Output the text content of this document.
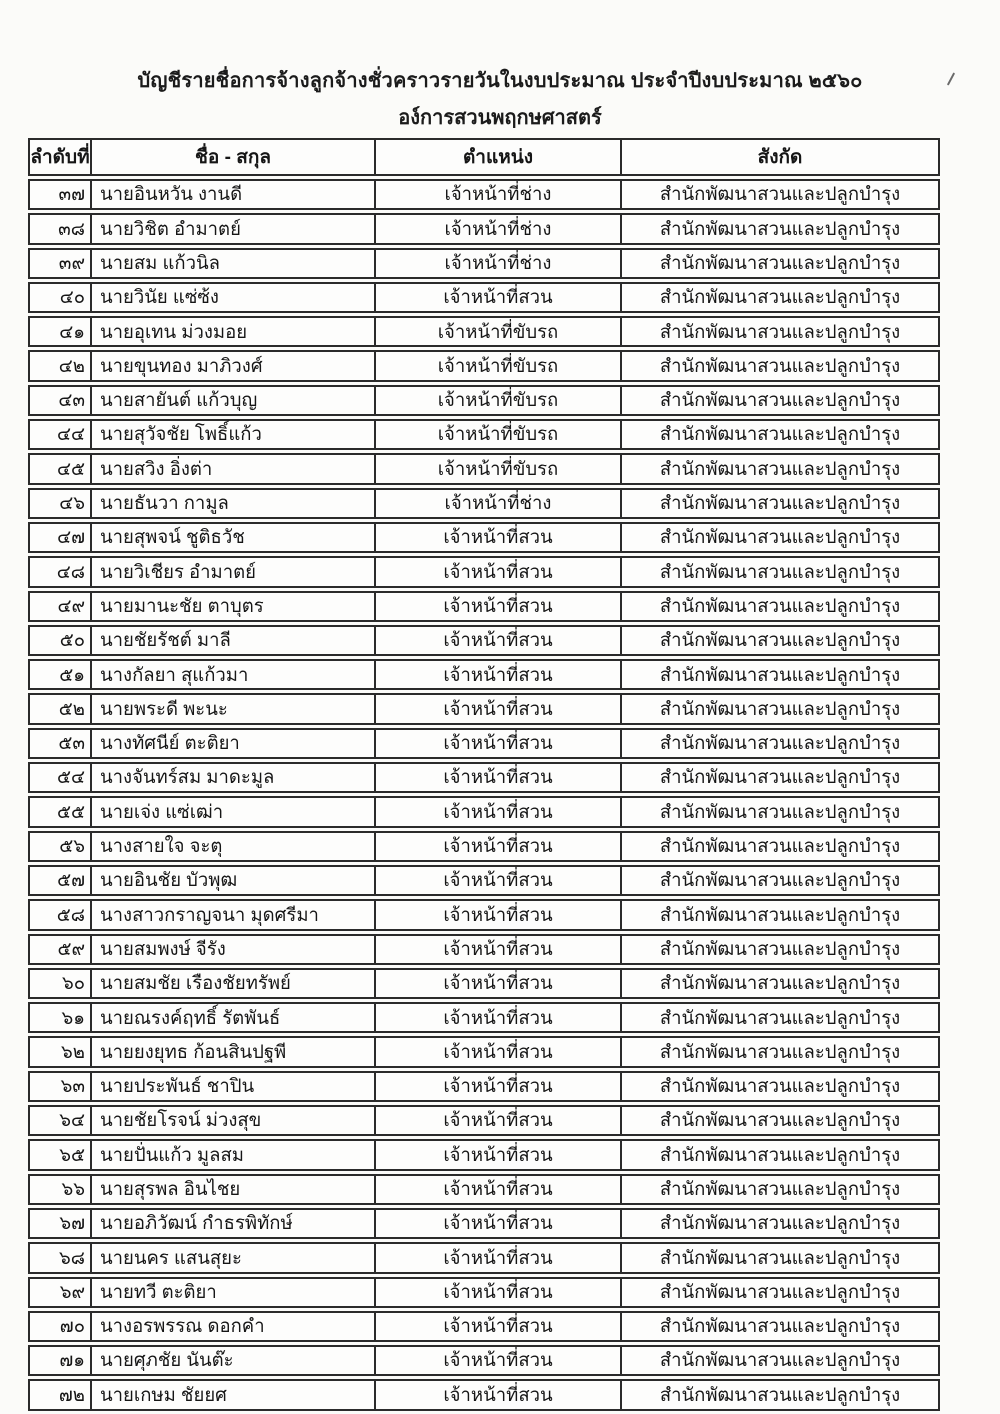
บัญชีรายชื่อการจ้างลูกจ้างชั่วคราวรายวันในงบประมาณ ประจำปีงบประมาณ ๒๕๖๐
อง์การสวนพฤกษศาสตร์
ลำดับที่	ชื่อ - สกุล	ตำแหน่ง	สังกัด
๓๗ นายอินหวัน งานดี	เจ้าหน้าที่ช่าง	สำนักพัฒนาสวนและปลูกบำรุง
๓๘ นายวิชิต อำมาตย์	เจ้าหน้าที่ช่าง	สำนักพัฒนาสวนและปลูกบำรุง
๓๙ นายสม แก้วนิล	เจ้าหน้าที่ช่าง	สำนักพัฒนาสวนและปลูกบำรุง
๔๐ นายวินัย แซ่ซ้ง	เจ้าหน้าที่สวน	สำนักพัฒนาสวนและปลูกบำรุง
๔๑ นายอุเทน ม่วงมอย	เจ้าหน้าที่ขับรถ	สำนักพัฒนาสวนและปลูกบำรุง
๔๒ นายขุนทอง มาภิวงศ์	เจ้าหน้าที่ขับรถ	สำนักพัฒนาสวนและปลูกบำรุง
๔๓ นายสายันต์ แก้วบุญ	เจ้าหน้าที่ขับรถ	สำนักพัฒนาสวนและปลูกบำรุง
๔๔ นายสุวัจชัย โพธิ์แก้ว	เจ้าหน้าที่ขับรถ	สำนักพัฒนาสวนและปลูกบำรุง
๔๕ นายสวิง อิ่งต่า	เจ้าหน้าที่ขับรถ	สำนักพัฒนาสวนและปลูกบำรุง
๔๖ นายธันวา กามูล	เจ้าหน้าที่ช่าง	สำนักพัฒนาสวนและปลูกบำรุง
๔๗ นายสุพจน์ ชูติธวัช	เจ้าหน้าที่สวน	สำนักพัฒนาสวนและปลูกบำรุง
๔๘ นายวิเชียร อำมาตย์	เจ้าหน้าที่สวน	สำนักพัฒนาสวนและปลูกบำรุง
๔๙ นายมานะชัย ตาบุตร	เจ้าหน้าที่สวน	สำนักพัฒนาสวนและปลูกบำรุง
๕๐ นายชัยรัชต์ มาลี	เจ้าหน้าที่สวน	สำนักพัฒนาสวนและปลูกบำรุง
๕๑ นางกัลยา สุแก้วมา	เจ้าหน้าที่สวน	สำนักพัฒนาสวนและปลูกบำรุง
๕๒ นายพระดี พะนะ	เจ้าหน้าที่สวน	สำนักพัฒนาสวนและปลูกบำรุง
๕๓ นางทัศนีย์ ตะติยา	เจ้าหน้าที่สวน	สำนักพัฒนาสวนและปลูกบำรุง
๕๔ นางจันทร์สม มาดะมูล	เจ้าหน้าที่สวน	สำนักพัฒนาสวนและปลูกบำรุง
๕๕ นายเจ่ง แซ่เฒ่า	เจ้าหน้าที่สวน	สำนักพัฒนาสวนและปลูกบำรุง
๕๖ นางสายใจ จะตุ	เจ้าหน้าที่สวน	สำนักพัฒนาสวนและปลูกบำรุง
๕๗ นายอินชัย บัวพุฒ	เจ้าหน้าที่สวน	สำนักพัฒนาสวนและปลูกบำรุง
๕๘ นางสาวกราญจนา มุดศรีมา	เจ้าหน้าที่สวน	สำนักพัฒนาสวนและปลูกบำรุง
๕๙ นายสมพงษ์ จีรัง	เจ้าหน้าที่สวน	สำนักพัฒนาสวนและปลูกบำรุง
๖๐ นายสมชัย เรืองชัยทรัพย์	เจ้าหน้าที่สวน	สำนักพัฒนาสวนและปลูกบำรุง
๖๑ นายณรงค์ฤทธิ์ รัตพันธ์	เจ้าหน้าที่สวน	สำนักพัฒนาสวนและปลูกบำรุง
๖๒ นายยงยุทธ ก้อนสินปฐพี	เจ้าหน้าที่สวน	สำนักพัฒนาสวนและปลูกบำรุง
๖๓ นายประพันธ์ ชาปิน	เจ้าหน้าที่สวน	สำนักพัฒนาสวนและปลูกบำรุง
๖๔ นายชัยโรจน์ ม่วงสุข	เจ้าหน้าที่สวน	สำนักพัฒนาสวนและปลูกบำรุง
๖๕ นายปั่นแก้ว มูลสม	เจ้าหน้าที่สวน	สำนักพัฒนาสวนและปลูกบำรุง
๖๖ นายสุรพล อินไชย	เจ้าหน้าที่สวน	สำนักพัฒนาสวนและปลูกบำรุง
๖๗ นายอภิวัฒน์ กำธรพิทักษ์	เจ้าหน้าที่สวน	สำนักพัฒนาสวนและปลูกบำรุง
๖๘ นายนคร แสนสุยะ	เจ้าหน้าที่สวน	สำนักพัฒนาสวนและปลูกบำรุง
๖๙ นายทวี ตะติยา	เจ้าหน้าที่สวน	สำนักพัฒนาสวนและปลูกบำรุง
๗๐ นางอรพรรณ ดอกคำ	เจ้าหน้าที่สวน	สำนักพัฒนาสวนและปลูกบำรุง
๗๑ นายศุภชัย นันต๊ะ	เจ้าหน้าที่สวน	สำนักพัฒนาสวนและปลูกบำรุง
๗๒ นายเกษม ชัยยศ	เจ้าหน้าที่สวน	สำนักพัฒนาสวนและปลูกบำรุง
